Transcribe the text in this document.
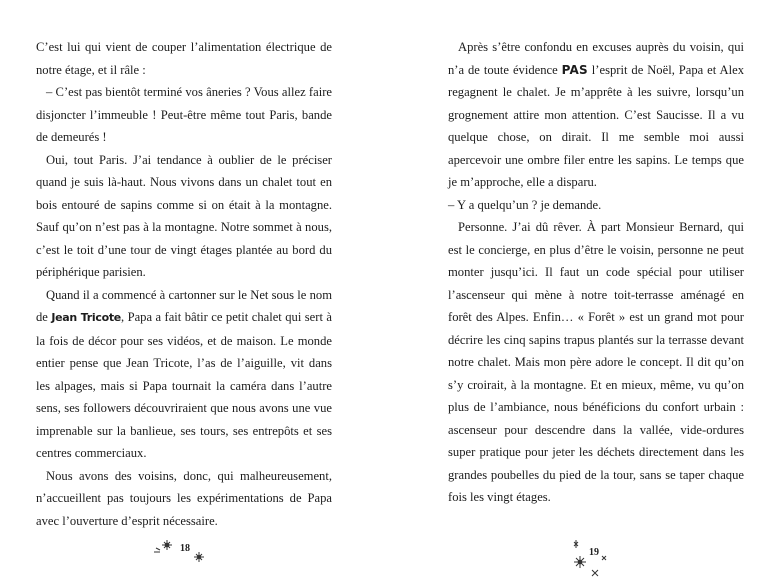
C’est lui qui vient de couper l’alimentation électrique de notre étage, et il râle :

– C’est pas bientôt terminé vos âneries ? Vous allez faire disjoncter l’immeuble ! Peut-être même tout Paris, bande de demeurés !

Oui, tout Paris. J’ai tendance à oublier de le préciser quand je suis là-haut. Nous vivons dans un chalet tout en bois entouré de sapins comme si on était à la montagne. Sauf qu’on n’est pas à la montagne. Notre sommet à nous, c’est le toit d’une tour de vingt étages plantée au bord du périphérique parisien.

Quand il a commencé à cartonner sur le Net sous le nom de Jean Tricote, Papa a fait bâtir ce petit chalet qui sert à la fois de décor pour ses vidéos, et de maison. Le monde entier pense que Jean Tricote, l’as de l’aiguille, vit dans les alpages, mais si Papa tournait la caméra dans l’autre sens, ses followers découvriraient que nous avons une vue imprenable sur la banlieue, ses tours, ses entrepôts et ses centres commerciaux.

Nous avons des voisins, donc, qui malheureusement, n’accueillent pas toujours les expérimentations de Papa avec l’ouverture d’esprit nécessaire.

Après s’être confondu en excuses auprès du voisin, qui n’a de toute évidence PAS l’esprit de Noël, Papa et Alex regagnent le chalet. Je m’apprête à les suivre, lorsqu’un grognement attire mon attention. C’est Saucisse. Il a vu quelque chose, on dirait. Il me semble moi aussi apercevoir une ombre filer entre les sapins. Le temps que je m’approche, elle a disparu.

– Y a quelqu’un ? je demande.

Personne. J’ai dû rêver. À part Monsieur Bernard, qui est le concierge, en plus d’être le voisin, personne ne peut monter jusqu’ici. Il faut un code spécial pour utiliser l’ascenseur qui mène à notre toit-terrasse aménagé en forêt des Alpes. Enfin… « Forêt » est un grand mot pour décrire les cinq sapins trapus plantés sur la terrasse devant notre chalet. Mais mon père adore le concept. Il dit qu’on s’y croirait, à la montagne. Et en mieux, même, vu qu’on plus de l’ambiance, nous bénéficions du confort urbain : ascenseur pour descendre dans la vallée, vide-ordures super pratique pour jeter les déchets directement dans les grandes poubelles du pied de la tour, sans se taper chaque fois les vingt étages.

18	19
